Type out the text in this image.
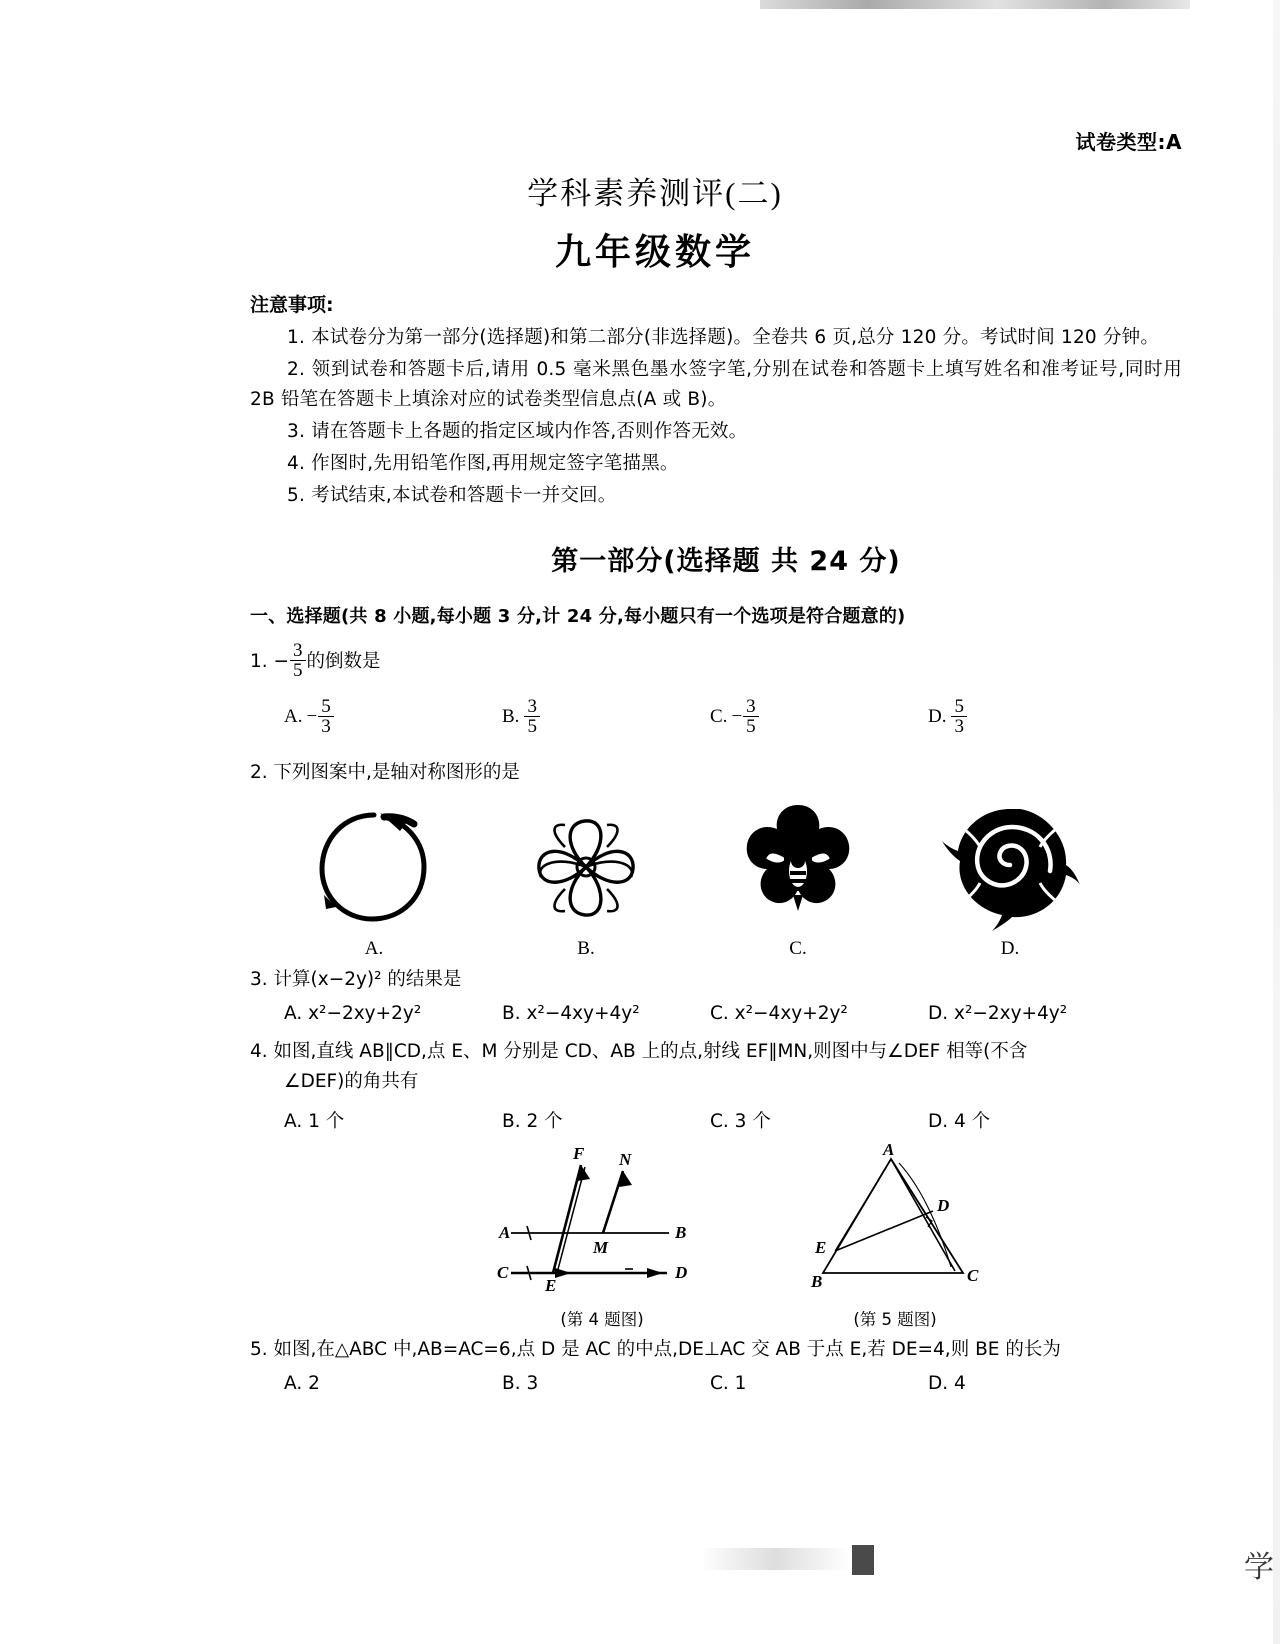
学
试卷类型:A
学科素养测评(二)
九年级数学
注意事项:

1. 本试卷分为第一部分(选择题)和第二部分(非选择题)。全卷共 6 页,总分 120 分。考试时间 120 分钟。

2. 领到试卷和答题卡后,请用 0.5 毫米黑色墨水签字笔,分别在试卷和答题卡上填写姓名和准考证号,同时用 2B 铅笔在答题卡上填涂对应的试卷类型信息点(A 或 B)。

3. 请在答题卡上各题的指定区域内作答,否则作答无效。

4. 作图时,先用铅笔作图,再用规定签字笔描黑。

5. 考试结束,本试卷和答题卡一并交回。

第一部分(选择题 共 24 分)
一、选择题(共 8 小题,每小题 3 分,计 24 分,每小题只有一个选项是符合题意的)
1. − $\frac{3}{5}$ 的倒数是
A. − $\frac{5}{3}$	B. $\frac{3}{5}$	C. − $\frac{3}{5}$	D. $\frac{5}{3}$
2. 下列图案中,是轴对称图形的是
A.	B.	C.	D.
3. 计算(x−2y)² 的结果是
A. x²−2xy+2y²	B. x²−4xy+4y²	C. x²−4xy+2y²	D. x²−2xy+4y²
4. 如图,直线 AB∥CD,点 E、M 分别是 CD、AB 上的点,射线 EF∥MN,则图中与∠DEF 相等(不含
∠DEF)的角共有
A. 1 个	B. 2 个	C. 3 个	D. 4 个
A	B
C	D
E
M
F N
(第 4 题图)
A
B	C
D
E
(第 5 题图)
5. 如图,在△ABC 中,AB=AC=6,点 D 是 AC 的中点,DE⊥AC 交 AB 于点 E,若 DE=4,则 BE 的长为
A. 2	B. 3	C. 1	D. 4
